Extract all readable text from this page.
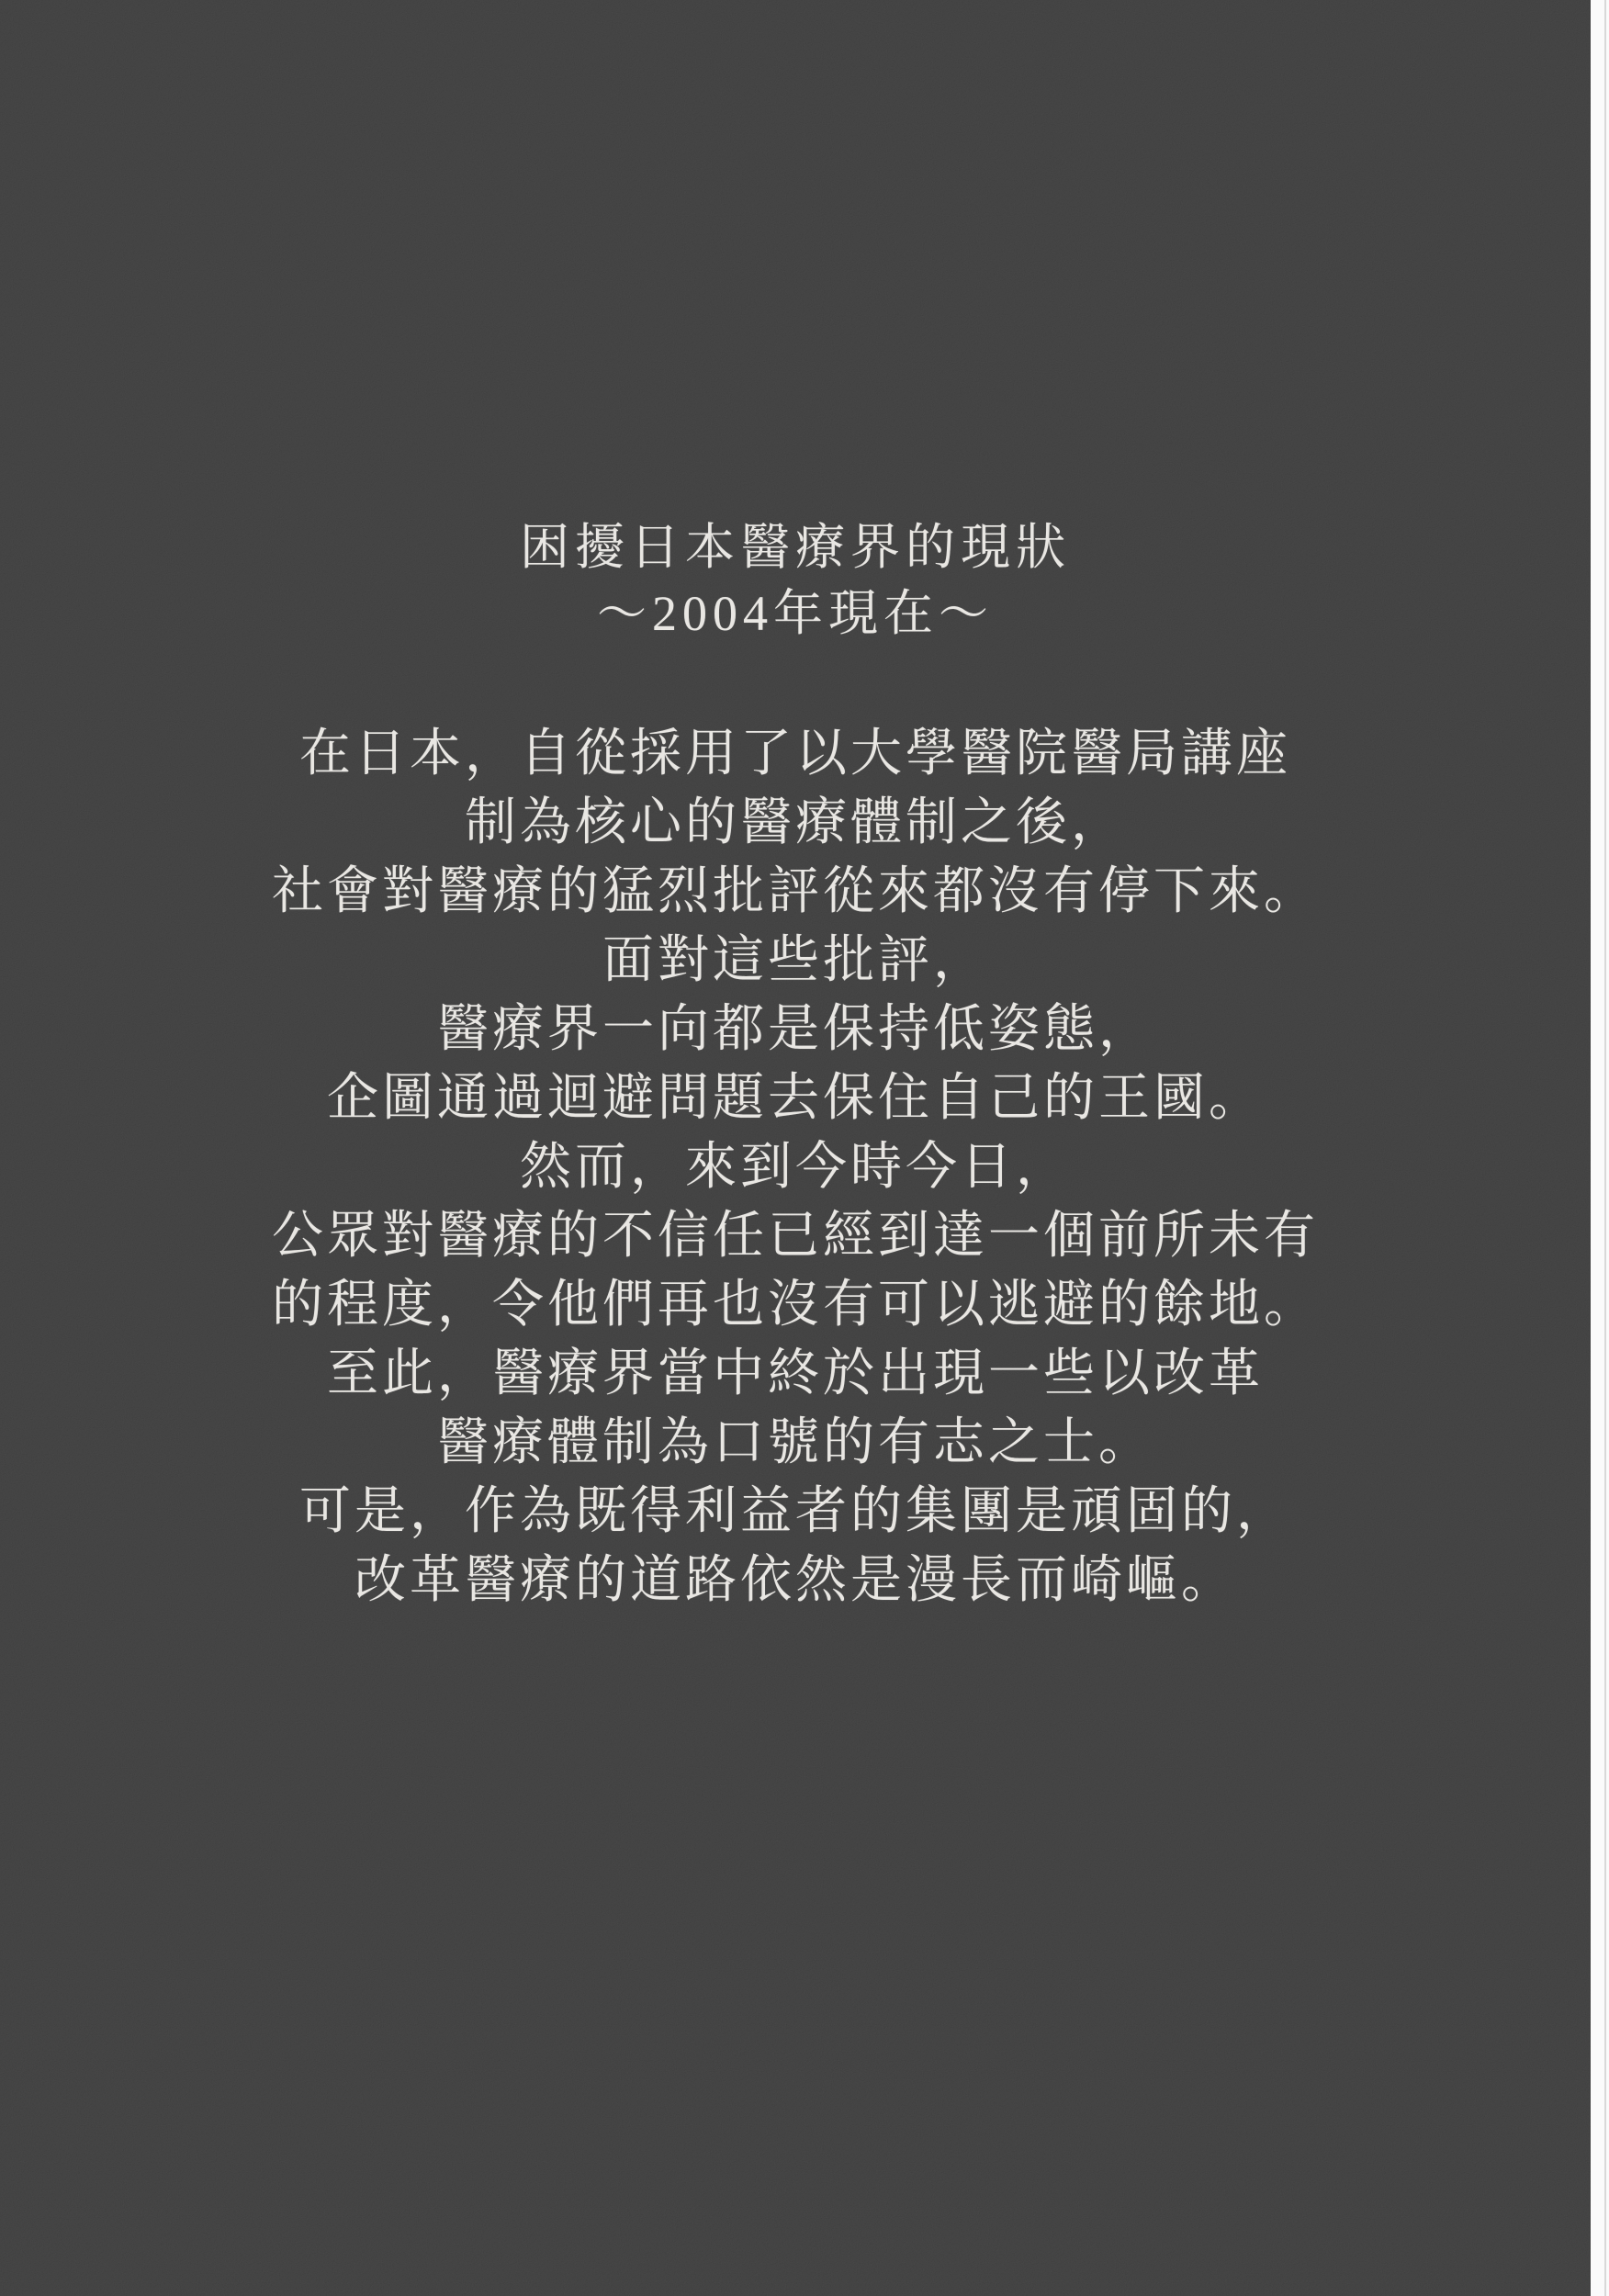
困擾日本醫療界的現狀
～2004年現在～
在日本，自從採用了以大學醫院醫局講座
制為核心的醫療體制之後，
社會對醫療的猛烈批評從來都沒有停下來。
面對這些批評，
醫療界一向都是保持低姿態，
企圖通過迴避問題去保住自己的王國。
然而，來到今時今日，
公眾對醫療的不信任已經到達一個前所未有
的程度，令他們再也沒有可以逃避的餘地。
至此，醫療界當中終於出現一些以改革
醫療體制為口號的有志之士。
可是，作為既得利益者的集團是頑固的，
改革醫療的道路依然是漫長而崎嶇。
